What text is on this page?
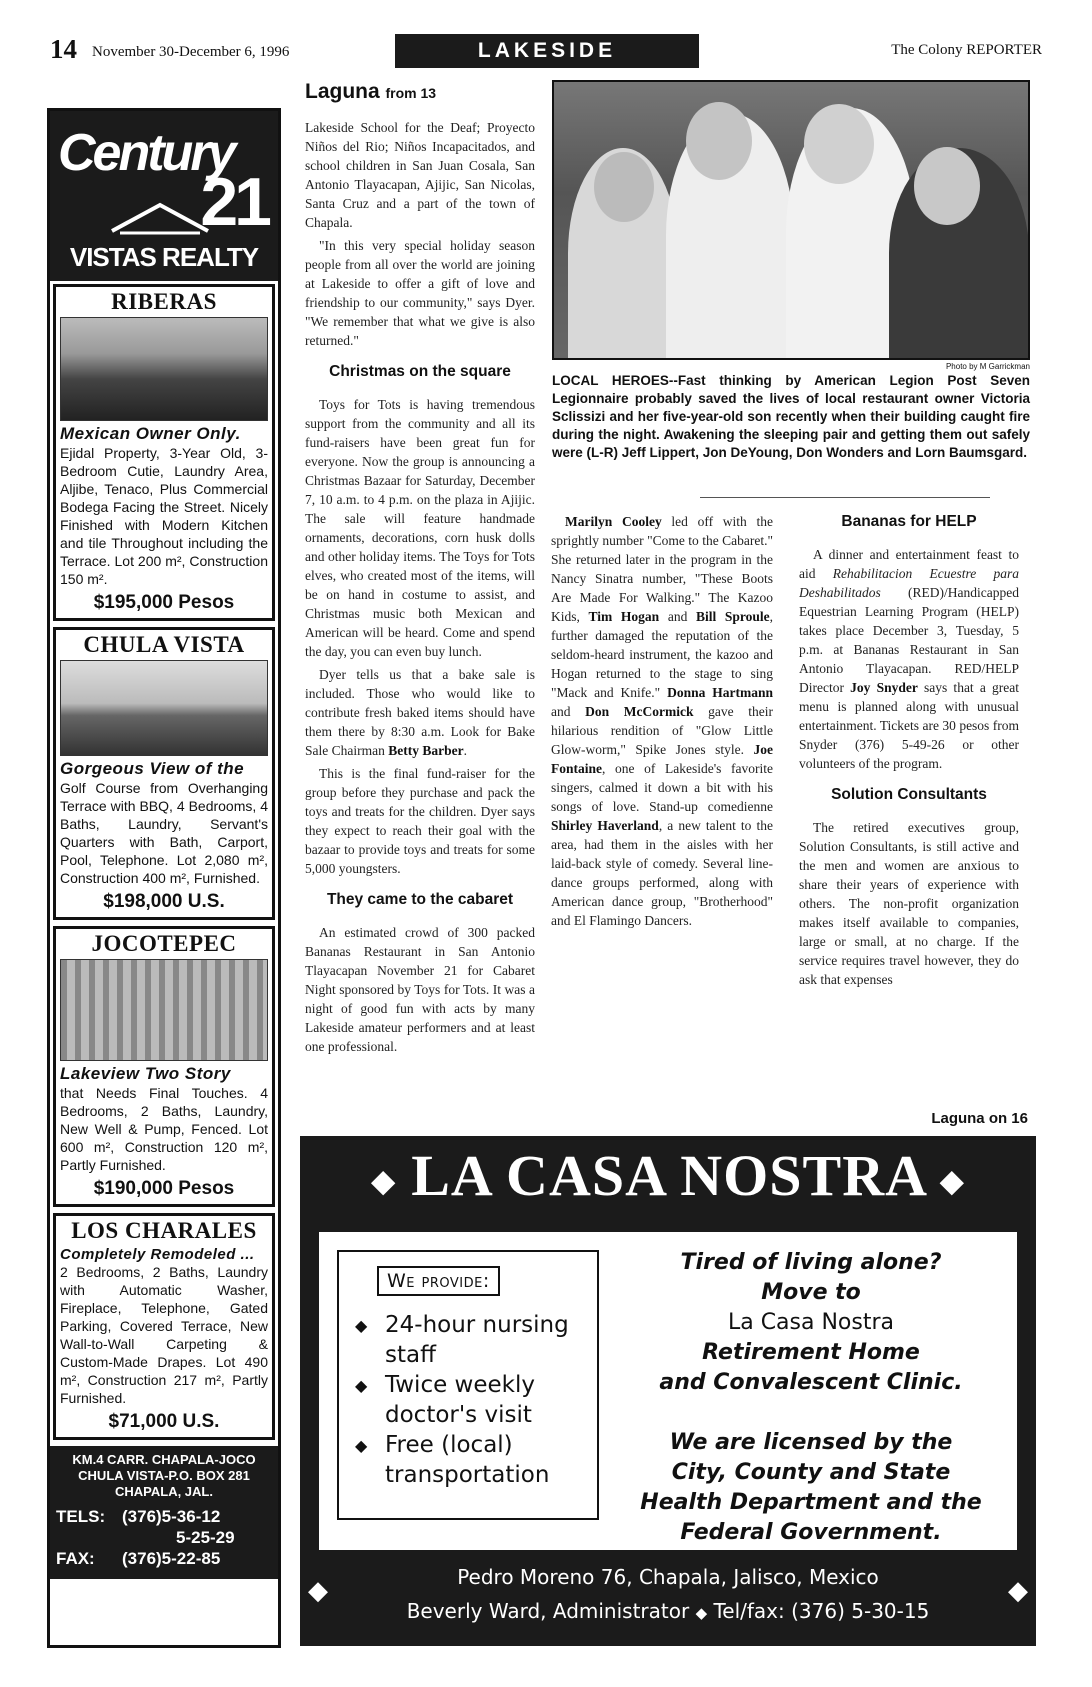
14 November 30-December 6, 1996	LAKESIDE	The Colony REPORTER
Century
21
VISTAS REALTY
RIBERAS
Mexican Owner Only.
Ejidal Property, 3-Year Old, 3-Bedroom Cutie, Laundry Area, Aljibe, Tenaco, Plus Commercial Bodega Facing the Street. Nicely Finished with Modern Kitchen and tile Throughout including the Terrace. Lot 200 m², Construction 150 m².
$195,000 Pesos
CHULA VISTA
Gorgeous View of the
Golf Course from Overhanging Terrace with BBQ, 4 Bedrooms, 4 Baths, Laundry, Servant's Quarters with Bath, Carport, Pool, Telephone. Lot 2,080 m², Construction 400 m², Furnished.
$198,000 U.S.
JOCOTEPEC
Lakeview Two Story
that Needs Final Touches. 4 Bedrooms, 2 Baths, Laundry, New Well & Pump, Fenced. Lot 600 m², Construction 120 m², Partly Furnished.
$190,000 Pesos
LOS CHARALES
Completely Remodeled ...
2 Bedrooms, 2 Baths, Laundry with Automatic Washer, Fireplace, Telephone, Gated Parking, Covered Terrace, New Wall-to-Wall Carpeting & Custom-Made Drapes. Lot 490 m², Construction 217 m², Partly Furnished.
$71,000 U.S.
KM.4 CARR. CHAPALA-JOCO
CHULA VISTA-P.O. BOX 281
CHAPALA, JAL.
TELS: (376)5-36-12
5-25-29
FAX: (376)5-22-85
Laguna from 13

Lakeside School for the Deaf; Proyecto Niños del Rio; Niños Incapacitados, and school children in San Juan Cosala, San Antonio Tlayacapan, Ajijic, San Nicolas, Santa Cruz and a part of the town of Chapala.

"In this very special holiday season people from all over the world are joining at Lakeside to offer a gift of love and friendship to our community," says Dyer. "We remember that what we give is also returned."

Christmas on the square

Toys for Tots is having tremendous support from the community and all its fund-raisers have been great fun for everyone. Now the group is announcing a Christmas Bazaar for Saturday, December 7, 10 a.m. to 4 p.m. on the plaza in Ajijic. The sale will feature handmade ornaments, decorations, corn husk dolls and other holiday items. The Toys for Tots elves, who created most of the items, will be on hand in costume to assist, and Christmas music both Mexican and American will be heard. Come and spend the day, you can even buy lunch.

Dyer tells us that a bake sale is included. Those who would like to contribute fresh baked items should have them there by 8:30 a.m. Look for Bake Sale Chairman Betty Barber.

This is the final fund-raiser for the group before they purchase and pack the toys and treats for the children. Dyer says they expect to reach their goal with the bazaar to provide toys and treats for some 5,000 youngsters.

They came to the cabaret

An estimated crowd of 300 packed Bananas Restaurant in San Antonio Tlayacapan November 21 for Cabaret Night sponsored by Toys for Tots. It was a night of good fun with acts by many Lakeside amateur performers and at least one professional.

Photo by M Garrickman
LOCAL HEROES--Fast thinking by American Legion Post Seven Legionnaire probably saved the lives of local restaurant owner Victoria Sclissizi and her five-year-old son recently when their building caught fire during the night. Awakening the sleeping pair and getting them out safely were (L-R) Jeff Lippert, Jon DeYoung, Don Wonders and Lorn Baumsgard.

Marilyn Cooley led off with the sprightly number "Come to the Cabaret." She returned later in the program in the Nancy Sinatra number, "These Boots Are Made For Walking." The Kazoo Kids, Tim Hogan and Bill Sproule, further damaged the reputation of the seldom-heard instrument, the kazoo and Hogan returned to the stage to sing "Mack and Knife." Donna Hartmann and Don McCormick gave their hilarious rendition of "Glow Little Glow-worm," Spike Jones style. Joe Fontaine, one of Lakeside's favorite singers, calmed it down a bit with his songs of love. Stand-up comedienne Shirley Haverland, a new talent to the area, had them in the aisles with her laid-back style of comedy. Several line-dance groups performed, along with American dance group, "Brotherhood" and El Flamingo Dancers.

Bananas for HELP

A dinner and entertainment feast to aid Rehabilitacion Ecuestre para Deshabilitados (RED)/Handicapped Equestrian Learning Program (HELP) takes place December 3, Tuesday, 5 p.m. at Bananas Restaurant in San Antonio Tlayacapan. RED/HELP Director Joy Snyder says that a great menu is planned along with unusual entertainment. Tickets are 30 pesos from Snyder (376) 5-49-26 or other volunteers of the program.

Solution Consultants

The retired executives group, Solution Consultants, is still active and the men and women are anxious to share their years of experience with others. The non-profit organization makes itself available to companies, large or small, at no charge. If the service requires travel however, they do ask that expenses

Laguna on 16
◆ LA CASA NOSTRA ◆
We provide:
◆ 24-hour nursing staff
◆ Twice weekly doctor's visit
◆ Free (local) transportation
Tired of living alone?
Move to
La Casa Nostra
Retirement Home
and Convalescent Clinic.
We are licensed by the
City, County and State
Health Department and the
Federal Government.
◆	◆
Pedro Moreno 76, Chapala, Jalisco, Mexico
Beverly Ward, Administrator ◆ Tel/fax: (376) 5-30-15
